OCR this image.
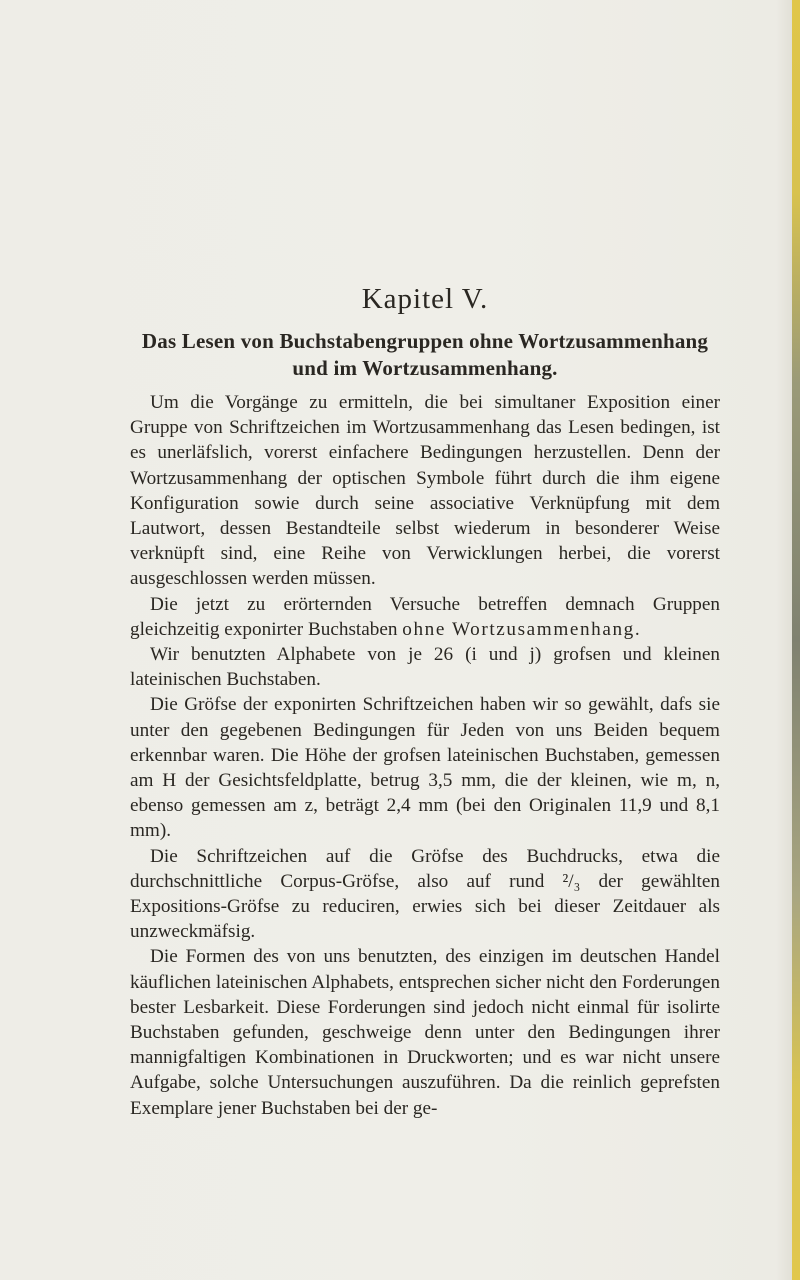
Kapitel V.
Das Lesen von Buchstabengruppen ohne Wortzusammenhang
und im Wortzusammenhang.

Um die Vorgänge zu ermitteln, die bei simultaner Exposition einer Gruppe von Schriftzeichen im Wortzusammenhang das Lesen bedingen, ist es unerläfslich, vorerst einfachere Bedingungen herzustellen. Denn der Wortzusammenhang der optischen Symbole führt durch die ihm eigene Konfiguration sowie durch seine associative Verknüpfung mit dem Lautwort, dessen Bestandteile selbst wiederum in besonderer Weise verknüpft sind, eine Reihe von Verwicklungen herbei, die vorerst ausgeschlossen werden müssen.

Die jetzt zu erörternden Versuche betreffen demnach Gruppen gleichzeitig exponirter Buchstaben ohne Wortzusammenhang.

Wir benutzten Alphabete von je 26 (i und j) grofsen und kleinen lateinischen Buchstaben.

Die Gröfse der exponirten Schriftzeichen haben wir so gewählt, dafs sie unter den gegebenen Bedingungen für Jeden von uns Beiden bequem erkennbar waren. Die Höhe der grofsen lateinischen Buchstaben, gemessen am H der Gesichtsfeldplatte, betrug 3,5 mm, die der kleinen, wie m, n, ebenso gemessen am z, beträgt 2,4 mm (bei den Originalen 11,9 und 8,1 mm).

Die Schriftzeichen auf die Gröfse des Buchdrucks, etwa die durchschnittliche Corpus-Gröfse, also auf rund ²/₃ der gewählten Expositions-Gröfse zu reduciren, erwies sich bei dieser Zeitdauer als unzweckmäfsig.

Die Formen des von uns benutzten, des einzigen im deutschen Handel käuflichen lateinischen Alphabets, entsprechen sicher nicht den Forderungen bester Lesbarkeit. Diese Forderungen sind jedoch nicht einmal für isolirte Buchstaben gefunden, geschweige denn unter den Bedingungen ihrer mannigfaltigen Kombinationen in Druckworten; und es war nicht unsere Aufgabe, solche Untersuchungen auszuführen. Da die reinlich geprefsten Exemplare jener Buchstaben bei der ge-
